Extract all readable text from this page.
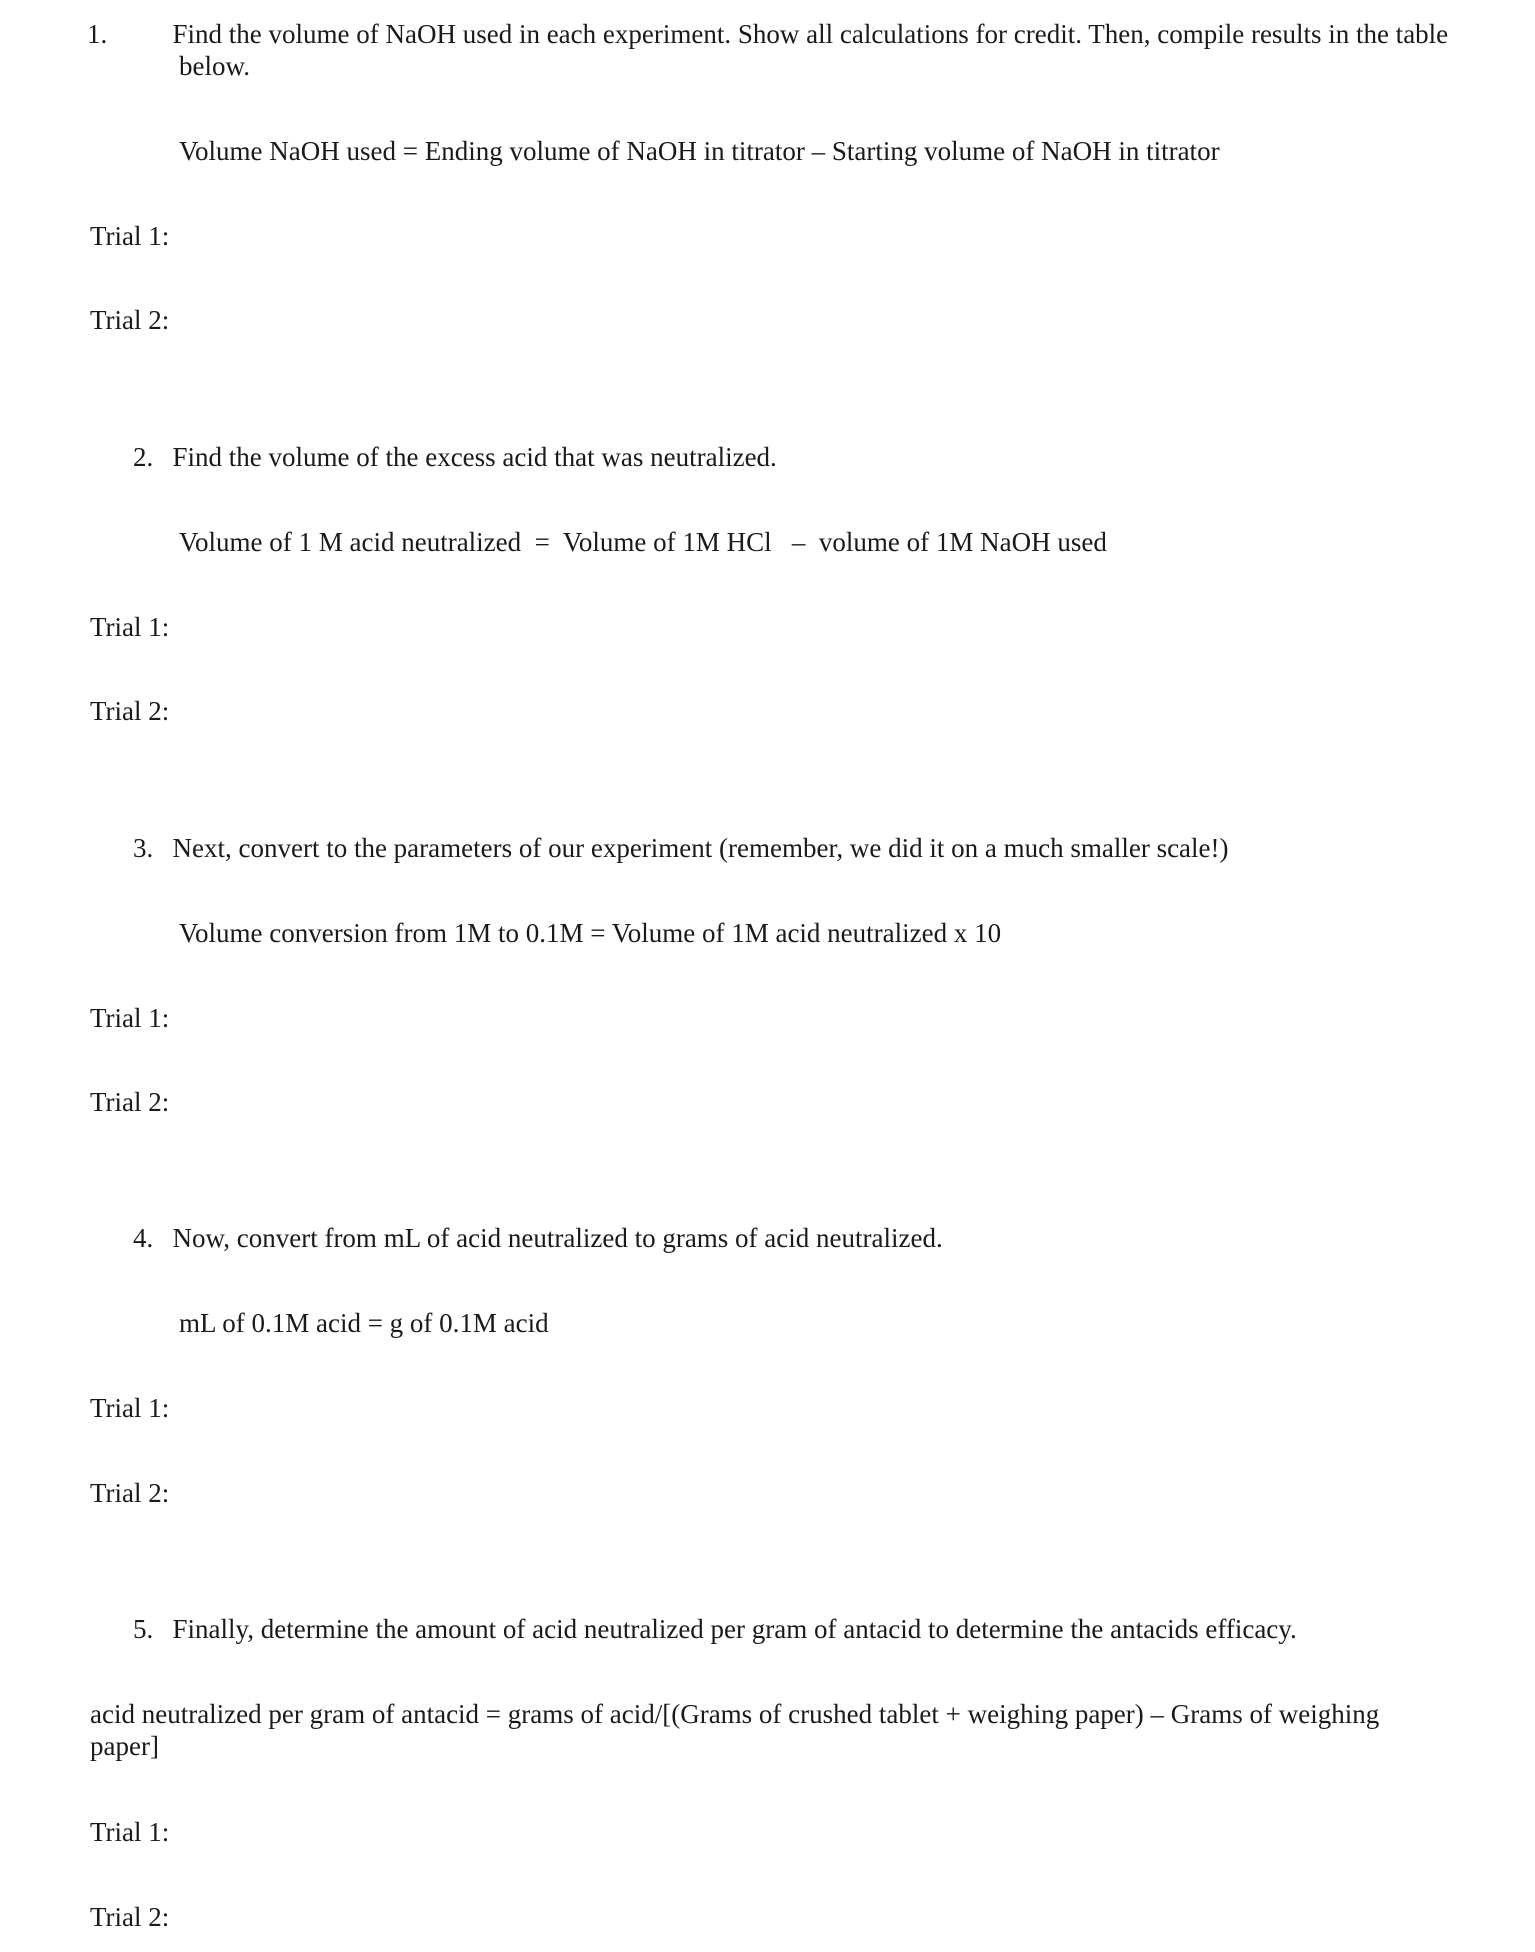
1. Find the volume of NaOH used in each experiment. Show all calculations for credit. Then, compile results in the table below.
Volume NaOH used = Ending volume of NaOH in titrator – Starting volume of NaOH in titrator
Trial 1:
Trial 2:
2. Find the volume of the excess acid that was neutralized.
Volume of 1 M acid neutralized  =  Volume of 1M HCl   –  volume of 1M NaOH used
Trial 1:
Trial 2:
3. Next, convert to the parameters of our experiment (remember, we did it on a much smaller scale!)
Volume conversion from 1M to 0.1M = Volume of 1M acid neutralized x 10
Trial 1:
Trial 2:
4. Now, convert from mL of acid neutralized to grams of acid neutralized.
mL of 0.1M acid = g of 0.1M acid
Trial 1:
Trial 2:
5. Finally, determine the amount of acid neutralized per gram of antacid to determine the antacids efficacy.
acid neutralized per gram of antacid = grams of acid/[(Grams of crushed tablet + weighing paper) – Grams of weighing paper]
Trial 1:
Trial 2:
